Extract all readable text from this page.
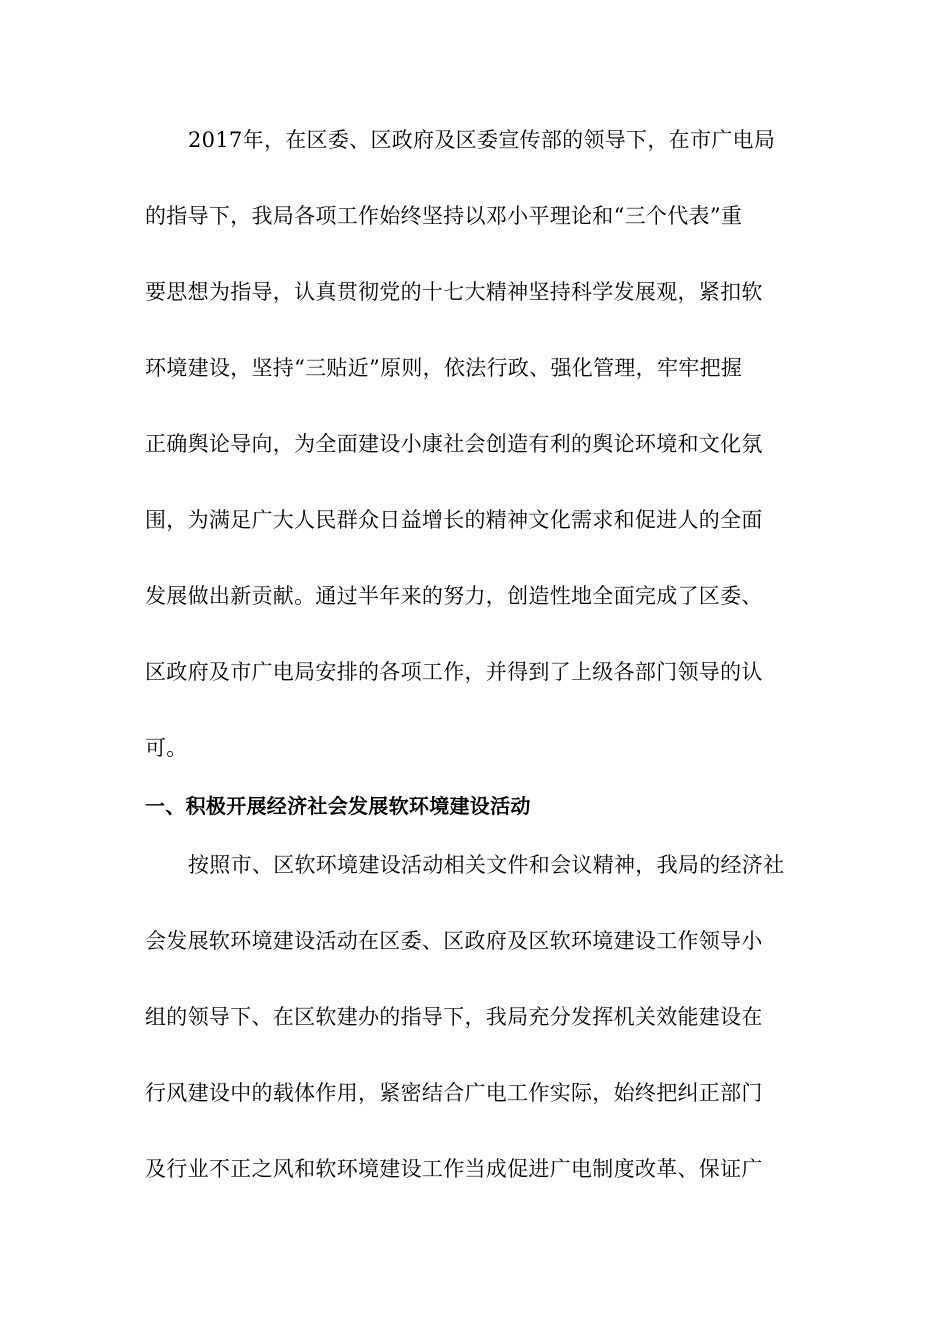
2017年，在区委、区政府及区委宣传部的领导下，在市广电局
的指导下，我局各项工作始终坚持以邓小平理论和“三个代表”重
要思想为指导，认真贯彻党的十七大精神坚持科学发展观，紧扣软
环境建设，坚持“三贴近”原则，依法行政、强化管理，牢牢把握
正确舆论导向，为全面建设小康社会创造有利的舆论环境和文化氛
围，为满足广大人民群众日益增长的精神文化需求和促进人的全面
发展做出新贡献。通过半年来的努力，创造性地全面完成了区委、
区政府及市广电局安排的各项工作，并得到了上级各部门领导的认
可。
一、积极开展经济社会发展软环境建设活动
按照市、区软环境建设活动相关文件和会议精神，我局的经济社
会发展软环境建设活动在区委、区政府及区软环境建设工作领导小
组的领导下、在区软建办的指导下，我局充分发挥机关效能建设在
行风建设中的载体作用，紧密结合广电工作实际，始终把纠正部门
及行业不正之风和软环境建设工作当成促进广电制度改革、保证广
